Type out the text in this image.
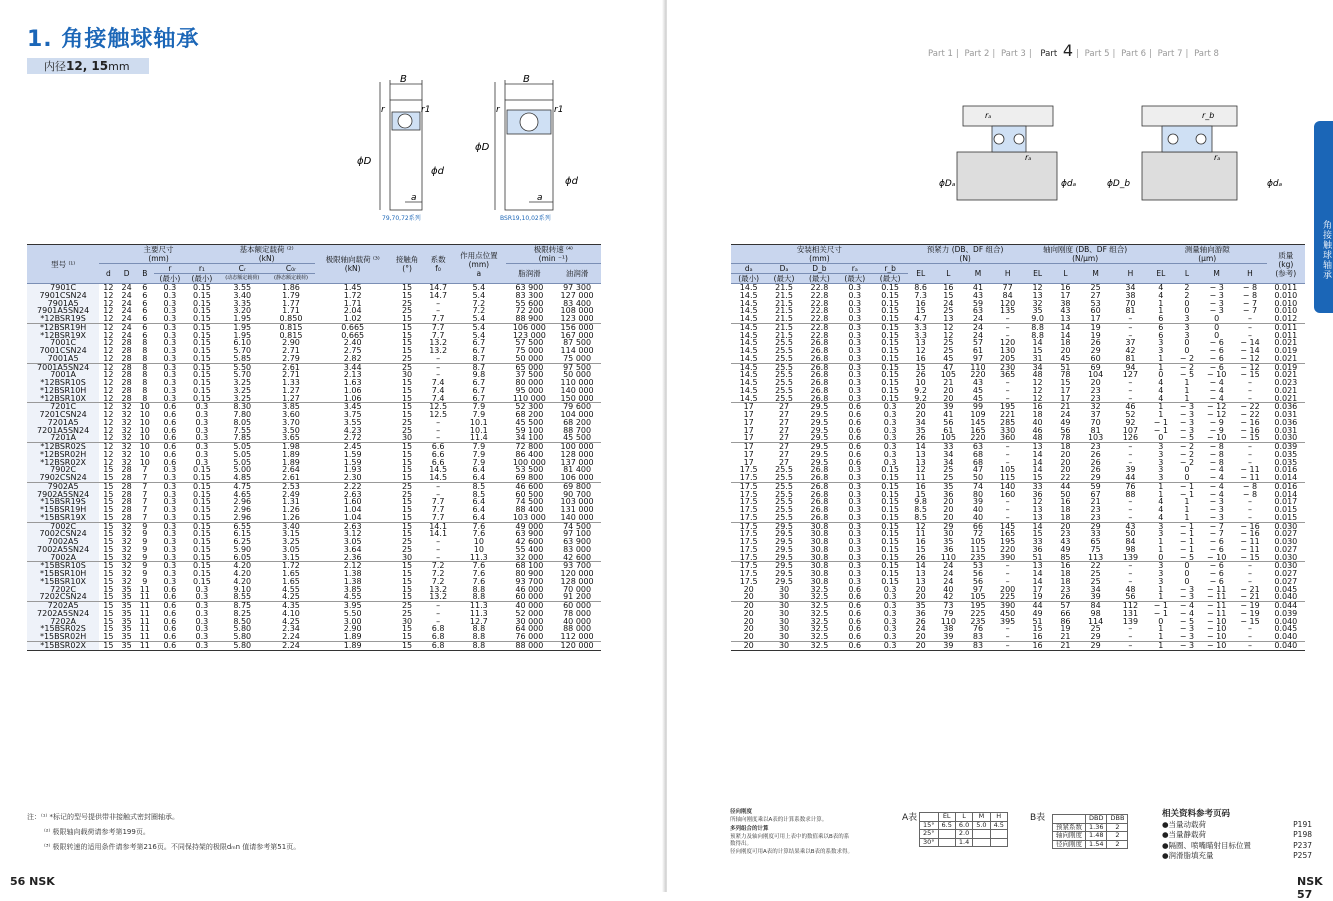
1. 角接触球轴承
内径12, 15mm
B
r	r1
ϕD
ϕd
a
B
r	r1
ϕD
ϕd
a
79,70,72系列	BSR19,10,02系列
型号 ⁽¹⁾	主要尺寸
(mm)					基本额定载荷 ⁽²⁾
(kN)		极限轴向载荷 ⁽³⁾
(kN)	接触角
(°)	系数
f₀	作用点位置
(mm)
a	极限转速 ⁽⁴⁾
(min ⁻¹)	
	d	D	B	r	r₁	Cᵣ	C₀ᵣ					脂润滑	油润滑
				(最小)	(最小)	(动态额定载荷)	(静态额定载荷)						
7901C	12	24	6	0.3	0.15	3.55	1.86	1.45	15	14.7	5.4	63 900	97 300
7901CSN24	12	24	6	0.3	0.15	3.40	1.79	1.72	15	14.7	5.4	83 300	127 000
7901A5	12	24	6	0.3	0.15	3.35	1.77	1.71	25	–	7.2	55 600	83 400
7901A5SN24	12	24	6	0.3	0.15	3.20	1.71	2.04	25	–	7.2	72 200	108 000
*12BSR19S	12	24	6	0.3	0.15	1.95	0.850	1.02	15	7.7	5.4	88 900	123 000
*12BSR19H	12	24	6	0.3	0.15	1.95	0.815	0.665	15	7.7	5.4	106 000	156 000
*12BSR19X	12	24	6	0.3	0.15	1.95	0.815	0.665	15	7.7	5.4	123 000	167 000
7001C	12	28	8	0.3	0.15	6.10	2.90	2.40	15	13.2	6.7	57 500	87 500
7001CSN24	12	28	8	0.3	0.15	5.70	2.71	2.75	15	13.2	6.7	75 000	114 000
7001A5	12	28	8	0.3	0.15	5.85	2.79	2.82	25	–	8.7	50 000	75 000
7001A5SN24	12	28	8	0.3	0.15	5.50	2.61	3.44	25	–	8.7	65 000	97 500
7001A	12	28	8	0.3	0.15	5.70	2.71	2.13	30	–	9.8	37 500	50 000
*12BSR10S	12	28	8	0.3	0.15	3.25	1.33	1.63	15	7.4	6.7	80 000	110 000
*12BSR10H	12	28	8	0.3	0.15	3.25	1.27	1.06	15	7.4	6.7	95 000	140 000
*12BSR10X	12	28	8	0.3	0.15	3.25	1.27	1.06	15	7.4	6.7	110 000	150 000
7201C	12	32	10	0.6	0.3	8.30	3.85	3.45	15	12.5	7.9	52 300	79 600
7201CSN24	12	32	10	0.6	0.3	7.80	3.60	3.75	15	12.5	7.9	68 200	104 000
7201A5	12	32	10	0.6	0.3	8.05	3.70	3.55	25	–	10.1	45 500	68 200
7201A5SN24	12	32	10	0.6	0.3	7.55	3.50	4.23	25	–	10.1	59 100	88 700
7201A	12	32	10	0.6	0.3	7.85	3.65	2.72	30	–	11.4	34 100	45 500
*12BSR02S	12	32	10	0.6	0.3	5.05	1.98	2.45	15	6.6	7.9	72 800	100 000
*12BSR02H	12	32	10	0.6	0.3	5.05	1.89	1.59	15	6.6	7.9	86 400	128 000
*12BSR02X	12	32	10	0.6	0.3	5.05	1.89	1.59	15	6.6	7.9	100 000	137 000
7902C	15	28	7	0.3	0.15	5.00	2.64	1.93	15	14.5	6.4	53 500	81 400
7902CSN24	15	28	7	0.3	0.15	4.85	2.61	2.30	15	14.5	6.4	69 800	106 000
7902A5	15	28	7	0.3	0.15	4.75	2.53	2.22	25	–	8.5	46 600	69 800
7902A5SN24	15	28	7	0.3	0.15	4.65	2.49	2.63	25	–	8.5	60 500	90 700
*15BSR19S	15	28	7	0.3	0.15	2.96	1.31	1.60	15	7.7	6.4	74 500	103 000
*15BSR19H	15	28	7	0.3	0.15	2.96	1.26	1.04	15	7.7	6.4	88 400	131 000
*15BSR19X	15	28	7	0.3	0.15	2.96	1.26	1.04	15	7.7	6.4	103 000	140 000
7002C	15	32	9	0.3	0.15	6.55	3.40	2.63	15	14.1	7.6	49 000	74 500
7002CSN24	15	32	9	0.3	0.15	6.15	3.15	3.12	15	14.1	7.6	63 900	97 100
7002A5	15	32	9	0.3	0.15	6.25	3.25	3.05	25	–	10	42 600	63 900
7002A5SN24	15	32	9	0.3	0.15	5.90	3.05	3.64	25	–	10	55 400	83 000
7002A	15	32	9	0.3	0.15	6.05	3.15	2.36	30	–	11.3	32 000	42 600
*15BSR10S	15	32	9	0.3	0.15	4.20	1.72	2.12	15	7.2	7.6	68 100	93 700
*15BSR10H	15	32	9	0.3	0.15	4.20	1.65	1.38	15	7.2	7.6	80 900	120 000
*15BSR10X	15	32	9	0.3	0.15	4.20	1.65	1.38	15	7.2	7.6	93 700	128 000
7202C	15	35	11	0.6	0.3	9.10	4.55	3.85	15	13.2	8.8	46 000	70 000
7202CSN24	15	35	11	0.6	0.3	8.55	4.25	4.55	15	13.2	8.8	60 000	91 200
7202A5	15	35	11	0.6	0.3	8.75	4.35	3.95	25	–	11.3	40 000	60 000
7202A5SN24	15	35	11	0.6	0.3	8.25	4.10	5.50	25	–	11.3	52 000	78 000
7202A	15	35	11	0.6	0.3	8.50	4.25	3.00	30	–	12.7	30 000	40 000
*15BSR02S	15	35	11	0.6	0.3	5.80	2.34	2.90	15	6.8	8.8	64 000	88 000
*15BSR02H	15	35	11	0.6	0.3	5.80	2.24	1.89	15	6.8	8.8	76 000	112 000
*15BSR02X	15	35	11	0.6	0.3	5.80	2.24	1.89	15	6.8	8.8	88 000	120 000
注：⁽¹⁾ *标记的型号提供带非接触式密封圈轴承。
⁽²⁾ 极限轴向载荷请参考第199页。
⁽³⁾ 极限转速的适用条件请参考第216页。不同保持架的极限dₘn 值请参考第51页。
56 NSK
Part 1 | Part 2 | Part 3 | Part 4 | Part 5 | Part 6 | Part 7 | Part 8
角接触球轴承
rₐ
rₐ
ϕDₐ	ϕdₐ
r_b
rₐ
ϕD_b	ϕdₐ
安装相关尺寸
(mm)					预紧力 (DB、DF 组合)
(N)				轴向刚度 (DB、DF 组合)
(N/μm)				测量轴向游隙
(μm)				质量
(kg)
(参考)
dₐ	Dₐ	D_b	rₐ	r_b	EL	L	M	H	EL	L	M	H	EL	L	M	H	
(最小)	(最大)	(最大)	(最大)	(最大)													
14.5	21.5	22.8	0.3	0.15	8.6	16	41	77	12	16	25	34	4	2	− 3	− 8	0.011
14.5	21.5	22.8	0.3	0.15	7.3	15	43	84	13	17	27	38	4	2	− 3	− 8	0.010
14.5	21.5	22.8	0.3	0.15	16	24	59	120	32	38	53	70	1	0	− 3	− 7	0.010
14.5	21.5	22.8	0.3	0.15	15	25	63	135	35	43	60	81	1	0	− 3	− 7	0.010
14.5	21.5	22.8	0.3	0.15	4.7	13	24	–	9.0	13	17	–	6	3	0	–	0.012
14.5	21.5	22.8	0.3	0.15	3.3	12	24	–	8.8	14	19	–	6	3	0	–	0.011
14.5	21.5	22.8	0.3	0.15	3.3	12	24	–	8.8	14	19	–	6	3	0	–	0.011
14.5	25.5	26.8	0.3	0.15	13	25	57	120	14	18	26	37	3	0	− 6	− 14	0.021
14.5	25.5	26.8	0.3	0.15	12	25	61	130	15	20	29	42	3	0	− 6	− 14	0.019
14.5	25.5	26.8	0.3	0.15	16	45	97	205	31	45	60	81	1	− 2	− 6	− 12	0.021
14.5	25.5	26.8	0.3	0.15	15	47	110	230	34	51	69	94	1	− 2	− 6	− 12	0.019
14.5	25.5	26.8	0.3	0.15	26	105	220	365	48	78	104	127	0	− 5	− 10	− 15	0.021
14.5	25.5	26.8	0.3	0.15	10	21	43	–	12	15	20	–	4	1	− 4	–	0.023
14.5	25.5	26.8	0.3	0.15	9.2	20	45	–	12	17	23	–	4	1	− 4	–	0.021
14.5	25.5	26.8	0.3	0.15	9.2	20	45	–	12	17	23	–	4	1	− 4	–	0.021
17	27	29.5	0.6	0.3	20	39	99	195	16	21	32	46	1	− 3	− 12	− 22	0.036
17	27	29.5	0.6	0.3	20	41	109	221	18	24	37	52	1	− 3	− 12	− 22	0.031
17	27	29.5	0.6	0.3	34	56	145	285	40	49	70	92	− 1	− 3	− 9	− 16	0.036
17	27	29.5	0.6	0.3	35	61	165	330	46	56	81	107	− 1	− 3	− 9	− 16	0.031
17	27	29.5	0.6	0.3	26	105	220	360	48	78	103	126	0	− 5	− 10	− 15	0.030
17	27	29.5	0.6	0.3	14	33	63	–	13	18	23	–	3	− 2	− 8	–	0.039
17	27	29.5	0.6	0.3	13	34	68	–	14	20	26	–	3	− 2	− 8	–	0.035
17	27	29.5	0.6	0.3	13	34	68	–	14	20	26	–	3	− 2	− 8	–	0.035
17.5	25.5	26.8	0.3	0.15	12	25	47	105	14	20	26	39	3	0	− 4	− 11	0.016
17.5	25.5	26.8	0.3	0.15	11	25	50	115	15	22	29	44	3	0	− 4	− 11	0.014
17.5	25.5	26.8	0.3	0.15	16	35	74	140	33	44	59	76	1	− 1	− 4	− 8	0.016
17.5	25.5	26.8	0.3	0.15	15	36	80	160	36	50	67	88	1	− 1	− 4	− 8	0.014
17.5	25.5	26.8	0.3	0.15	9.8	20	39	–	12	16	21	–	4	1	− 3	–	0.017
17.5	25.5	26.8	0.3	0.15	8.5	20	40	–	13	18	23	–	4	1	− 3	–	0.015
17.5	25.5	26.8	0.3	0.15	8.5	20	40	–	13	18	23	–	4	1	− 3	–	0.015
17.5	29.5	30.8	0.3	0.15	12	29	66	145	14	20	29	43	3	− 1	− 7	− 16	0.030
17.5	29.5	30.8	0.3	0.15	11	30	72	165	15	23	33	50	3	− 1	− 7	− 16	0.027
17.5	29.5	30.8	0.3	0.15	16	35	105	195	33	43	65	84	1	− 1	− 6	− 11	0.030
17.5	29.5	30.8	0.3	0.15	15	36	115	220	36	49	75	98	1	− 1	− 6	− 11	0.027
17.5	29.5	30.8	0.3	0.15	26	110	235	390	51	85	113	139	0	− 5	− 10	− 15	0.030
17.5	29.5	30.8	0.3	0.15	14	24	53	–	13	16	22	–	3	0	− 6	–	0.030
17.5	29.5	30.8	0.3	0.15	13	24	56	–	14	18	25	–	3	0	− 6	–	0.027
17.5	29.5	30.8	0.3	0.15	13	24	56	–	14	18	25	–	3	0	− 6	–	0.027
20	30	32.5	0.6	0.3	20	40	97	200	17	23	34	48	1	− 3	− 11	− 21	0.045
20	30	32.5	0.6	0.3	20	42	105	225	19	26	39	56	1	− 3	− 11	− 21	0.040
20	30	32.5	0.6	0.3	35	73	195	390	44	57	84	112	− 1	− 4	− 11	− 19	0.044
20	30	32.5	0.6	0.3	36	79	225	450	49	66	98	131	− 1	− 4	− 11	− 19	0.039
20	30	32.5	0.6	0.3	26	110	235	395	51	86	114	139	0	− 5	− 10	− 15	0.040
20	30	32.5	0.6	0.3	24	38	76	–	15	19	25	–	1	− 3	− 10	–	0.045
20	30	32.5	0.6	0.3	20	39	83	–	16	21	29	–	1	− 3	− 10	–	0.040
20	30	32.5	0.6	0.3	20	39	83	–	16	21	29	–	1	− 3	− 10	–	0.040
径向刚度
所轴向刚度乘以A表的计算系数求计算。
多列组合的计算
预紧力及轴向刚度可用上表中的数值乘以B表的系
数得出。
径向刚度可用A表的计算结果乘以B表的系数求得。
A表
		EL	L	M	H
15°	6.5	6.0	5.0	4.5
25°		2.0		
30°		1.4		
B表
		DBD	DBB
预紧系数	1.36	2
轴向刚度	1.48	2
径向刚度	1.54	2
相关资料参考页码
●当量动载荷	P191
●当量静载荷	P198
●隔圈、喷嘴瞄射目标位置	P237
●润滑脂填充量	P257
NSK 57
